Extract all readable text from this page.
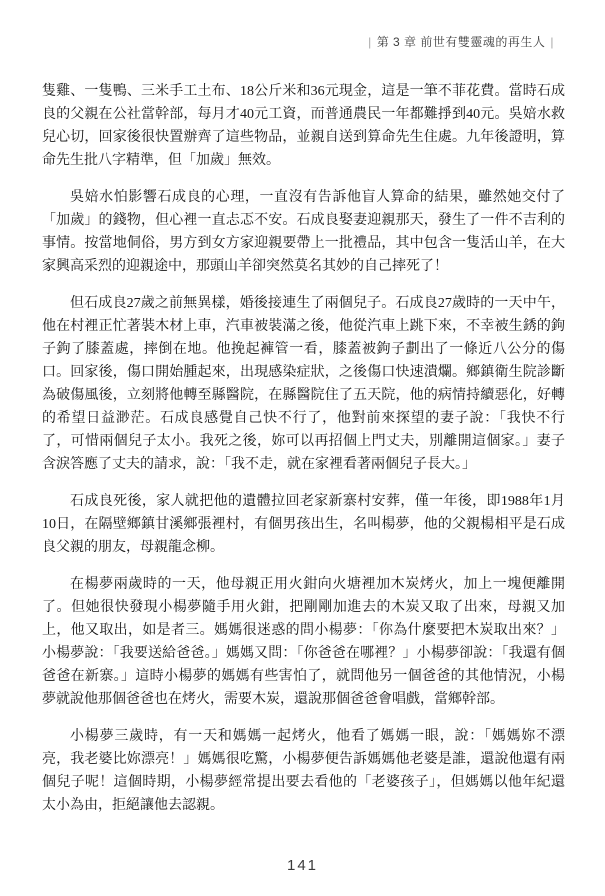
| 第 3 章 前世有雙靈魂的再生人 |

隻雞、一隻鴨、三米手工土布、18公斤米和36元現金，這是一筆不菲花費。當時石成良的父親在公社當幹部，每月才40元工資，而普通農民一年都難掙到40元。吳婄水救兒心切，回家後很快置辦齊了這些物品，並親自送到算命先生住處。九年後證明，算命先生批八字精準，但「加歲」無效。

吳婄水怕影響石成良的心理，一直沒有告訴他盲人算命的結果，雖然她交付了「加歲」的錢物，但心裡一直忐忑不安。石成良娶妻迎親那天，發生了一件不吉利的事情。按當地侗俗，男方到女方家迎親要帶上一批禮品，其中包含一隻活山羊，在大家興高采烈的迎親途中，那頭山羊卻突然莫名其妙的自己摔死了！

但石成良27歲之前無異樣，婚後接連生了兩個兒子。石成良27歲時的一天中午，他在村裡正忙著裝木材上車，汽車被裝滿之後，他從汽車上跳下來，不幸被生銹的鉤子鉤了膝蓋處，摔倒在地。他挽起褲管一看，膝蓋被鉤子劃出了一條近八公分的傷口。回家後，傷口開始腫起來，出現感染症狀，之後傷口快速潰爛。鄉鎮衛生院診斷為破傷風後，立刻將他轉至縣醫院，在縣醫院住了五天院，他的病情持續惡化，好轉的希望日益渺茫。石成良感覺自己快不行了，他對前來探望的妻子說：「我快不行了，可惜兩個兒子太小。我死之後，妳可以再招個上門丈夫，別離開這個家。」妻子含淚答應了丈夫的請求，說：「我不走，就在家裡看著兩個兒子長大。」

石成良死後，家人就把他的遺體拉回老家新寨村安葬，僅一年後，即1988年1月10日，在隔壁鄉鎮甘溪鄉張裡村，有個男孩出生，名叫楊夢，他的父親楊相平是石成良父親的朋友，母親龍念柳。

在楊夢兩歲時的一天，他母親正用火鉗向火塘裡加木炭烤火，加上一塊便離開了。但她很快發現小楊夢隨手用火鉗，把剛剛加進去的木炭又取了出來，母親又加上，他又取出，如是者三。媽媽很迷惑的問小楊夢：「你為什麼要把木炭取出來？」小楊夢說：「我要送給爸爸。」媽媽又問：「你爸爸在哪裡？」小楊夢卻說：「我還有個爸爸在新寨。」這時小楊夢的媽媽有些害怕了，就問他另一個爸爸的其他情況，小楊夢就說他那個爸爸也在烤火，需要木炭，還說那個爸爸會唱戲，當鄉幹部。

小楊夢三歲時，有一天和媽媽一起烤火，他看了媽媽一眼，說：「媽媽妳不漂亮，我老婆比妳漂亮！」媽媽很吃驚，小楊夢便告訴媽媽他老婆是誰，還說他還有兩個兒子呢！這個時期，小楊夢經常提出要去看他的「老婆孩子」，但媽媽以他年紀還太小為由，拒絕讓他去認親。

141
